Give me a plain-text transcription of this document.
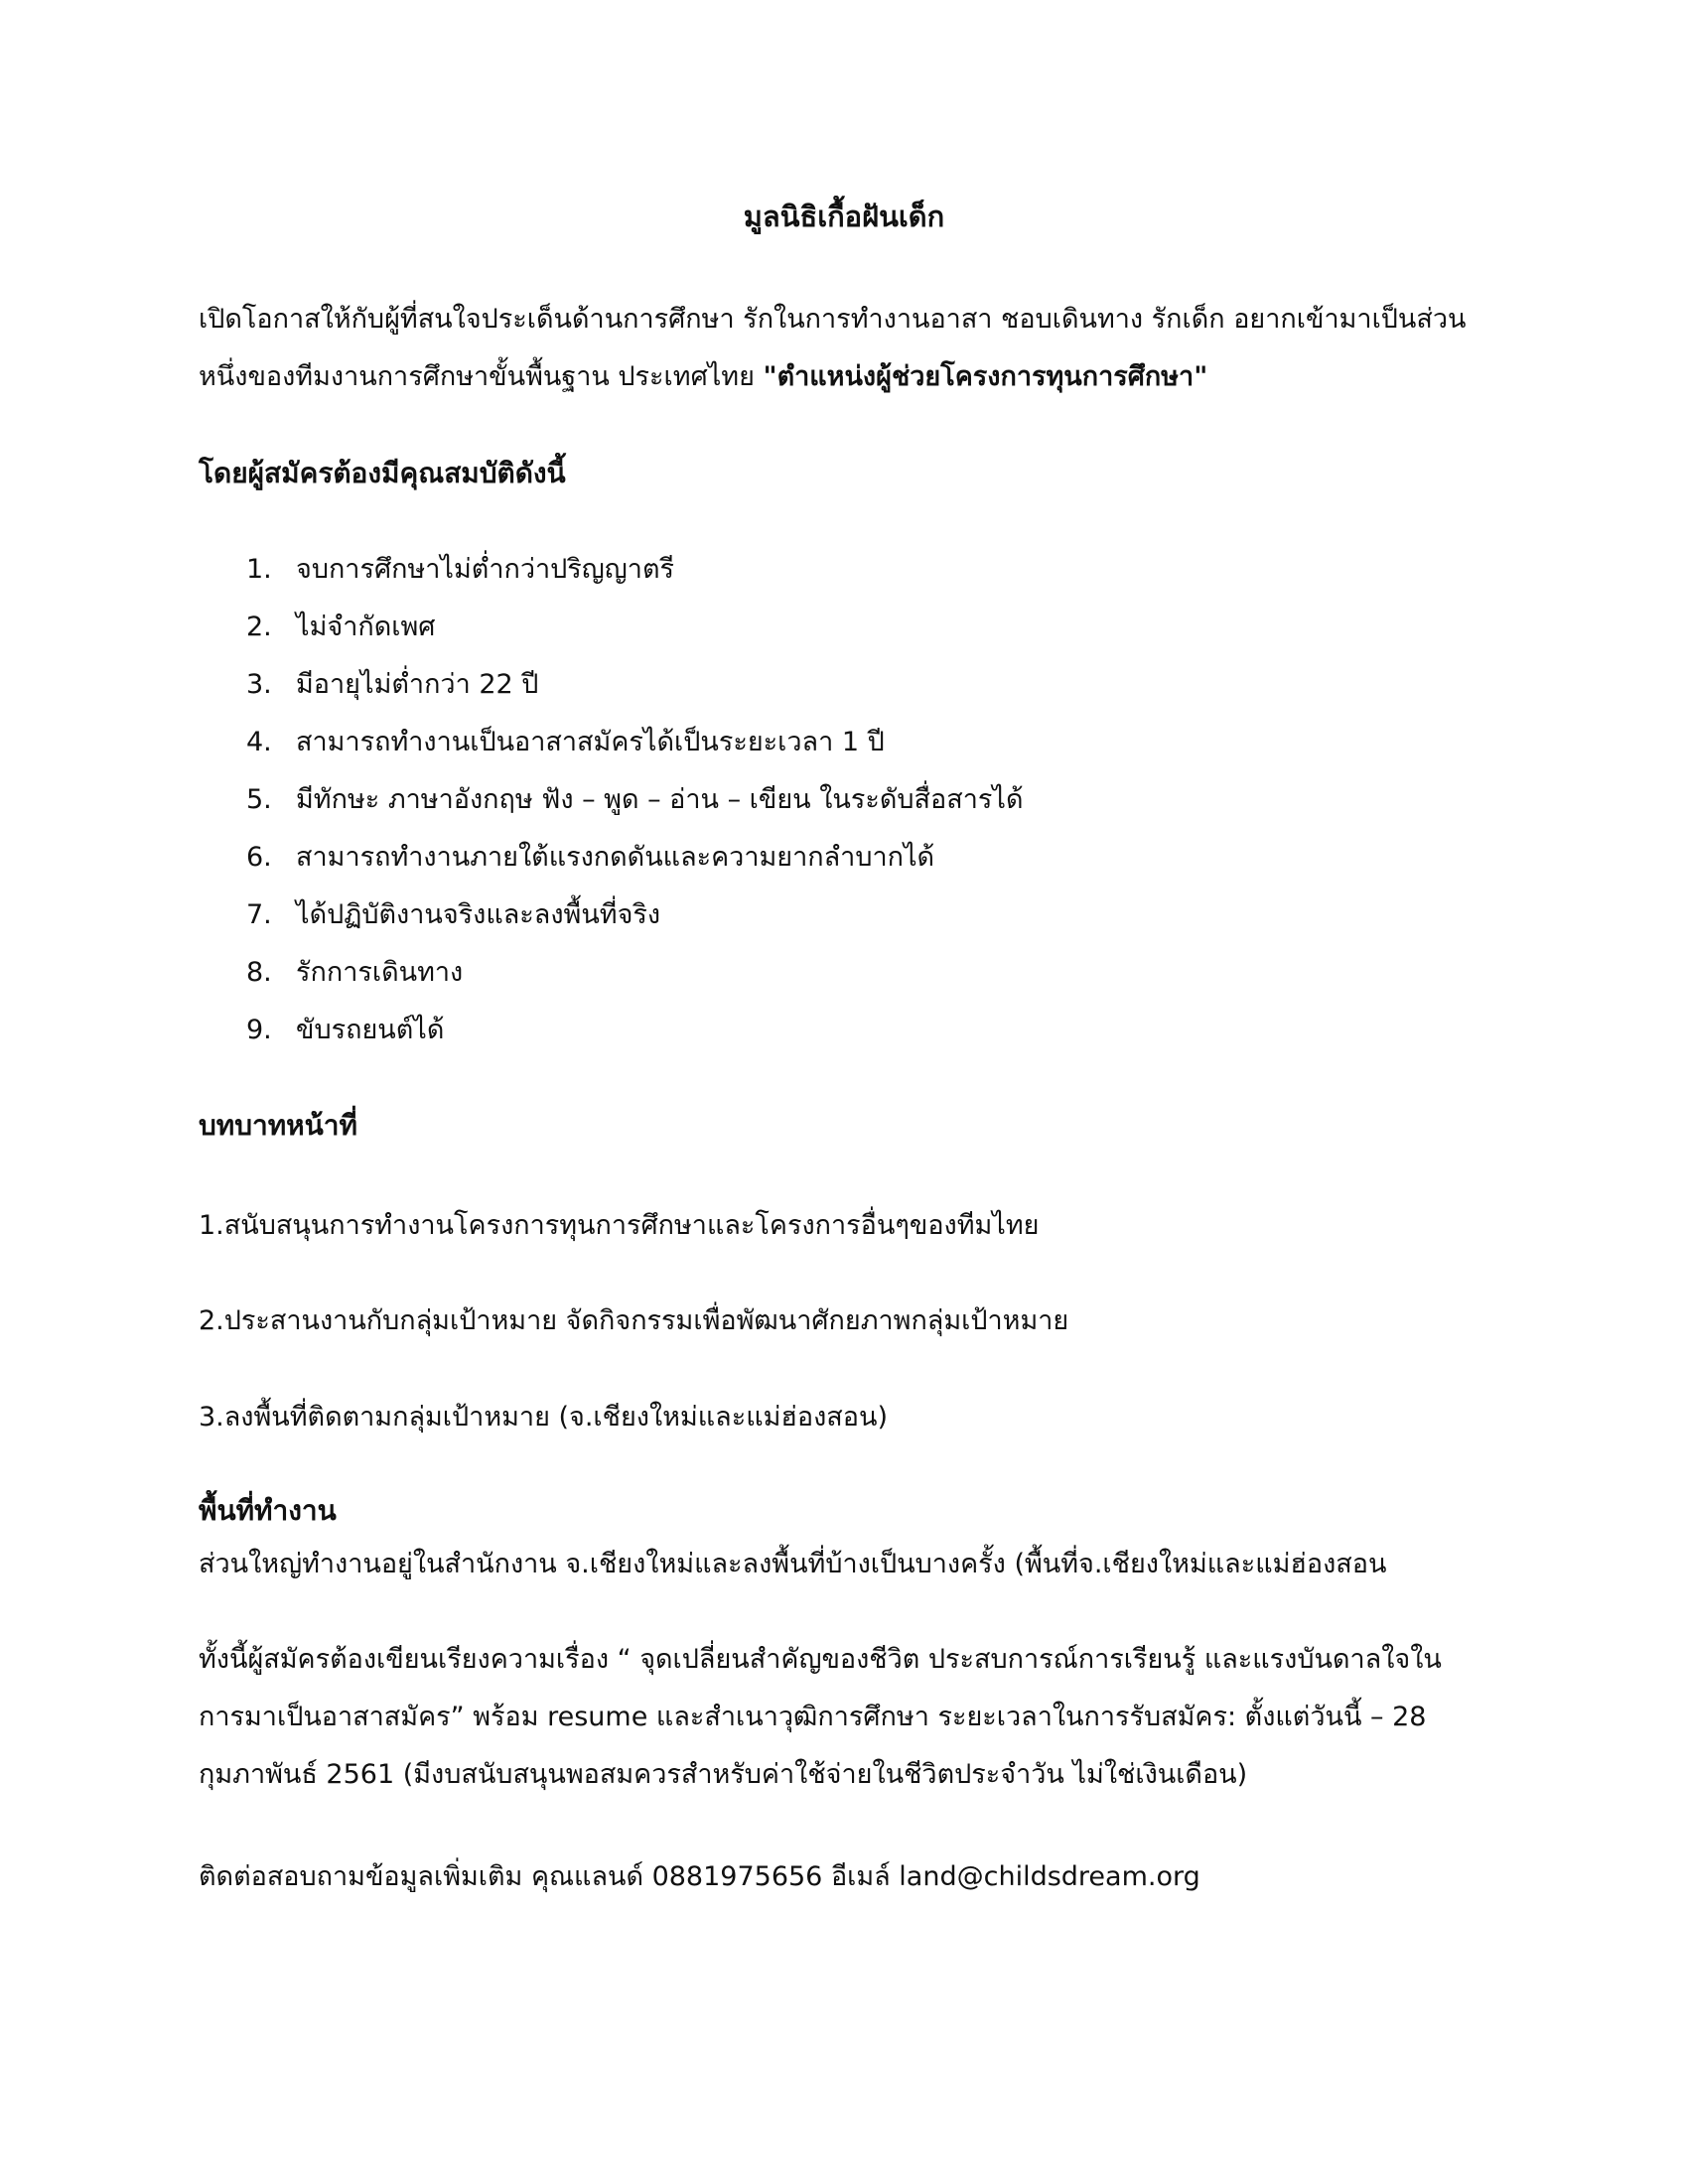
มูลนิธิเกื้อฝันเด็ก
เปิดโอกาสให้กับผู้ที่สนใจประเด็นด้านการศึกษา รักในการทำงานอาสา ชอบเดินทาง รักเด็ก อยากเข้ามาเป็นส่วน
หนึ่งของทีมงานการศึกษาขั้นพื้นฐาน ประเทศไทย "ตำแหน่งผู้ช่วยโครงการทุนการศึกษา"
โดยผู้สมัครต้องมีคุณสมบัติดังนี้
1. จบการศึกษาไม่ต่ำกว่าปริญญาตรี
2. ไม่จำกัดเพศ
3. มีอายุไม่ต่ำกว่า 22 ปี
4. สามารถทำงานเป็นอาสาสมัครได้เป็นระยะเวลา 1 ปี
5. มีทักษะ ภาษาอังกฤษ ฟัง – พูด – อ่าน – เขียน ในระดับสื่อสารได้
6. สามารถทำงานภายใต้แรงกดดันและความยากลำบากได้
7. ได้ปฏิบัติงานจริงและลงพื้นที่จริง
8. รักการเดินทาง
9. ขับรถยนต์ได้
บทบาทหน้าที่
1.สนับสนุนการทำงานโครงการทุนการศึกษาและโครงการอื่นๆของทีมไทย
2.ประสานงานกับกลุ่มเป้าหมาย จัดกิจกรรมเพื่อพัฒนาศักยภาพกลุ่มเป้าหมาย
3.ลงพื้นที่ติดตามกลุ่มเป้าหมาย (จ.เชียงใหม่และแม่ฮ่องสอน)
พื้นที่ทำงาน
ส่วนใหญ่ทำงานอยู่ในสำนักงาน จ.เชียงใหม่และลงพื้นที่บ้างเป็นบางครั้ง (พื้นที่จ.เชียงใหม่และแม่ฮ่องสอน
ทั้งนี้ผู้สมัครต้องเขียนเรียงความเรื่อง “ จุดเปลี่ยนสำคัญของชีวิต ประสบการณ์การเรียนรู้ และแรงบันดาลใจใน
การมาเป็นอาสาสมัคร” พร้อม resume และสำเนาวุฒิการศึกษา ระยะเวลาในการรับสมัคร: ตั้งแต่วันนี้ – 28
กุมภาพันธ์ 2561 (มีงบสนับสนุนพอสมควรสำหรับค่าใช้จ่ายในชีวิตประจำวัน ไม่ใช่เงินเดือน)
ติดต่อสอบถามข้อมูลเพิ่มเติม คุณแลนด์ 0881975656 อีเมล์ land@childsdream.org
